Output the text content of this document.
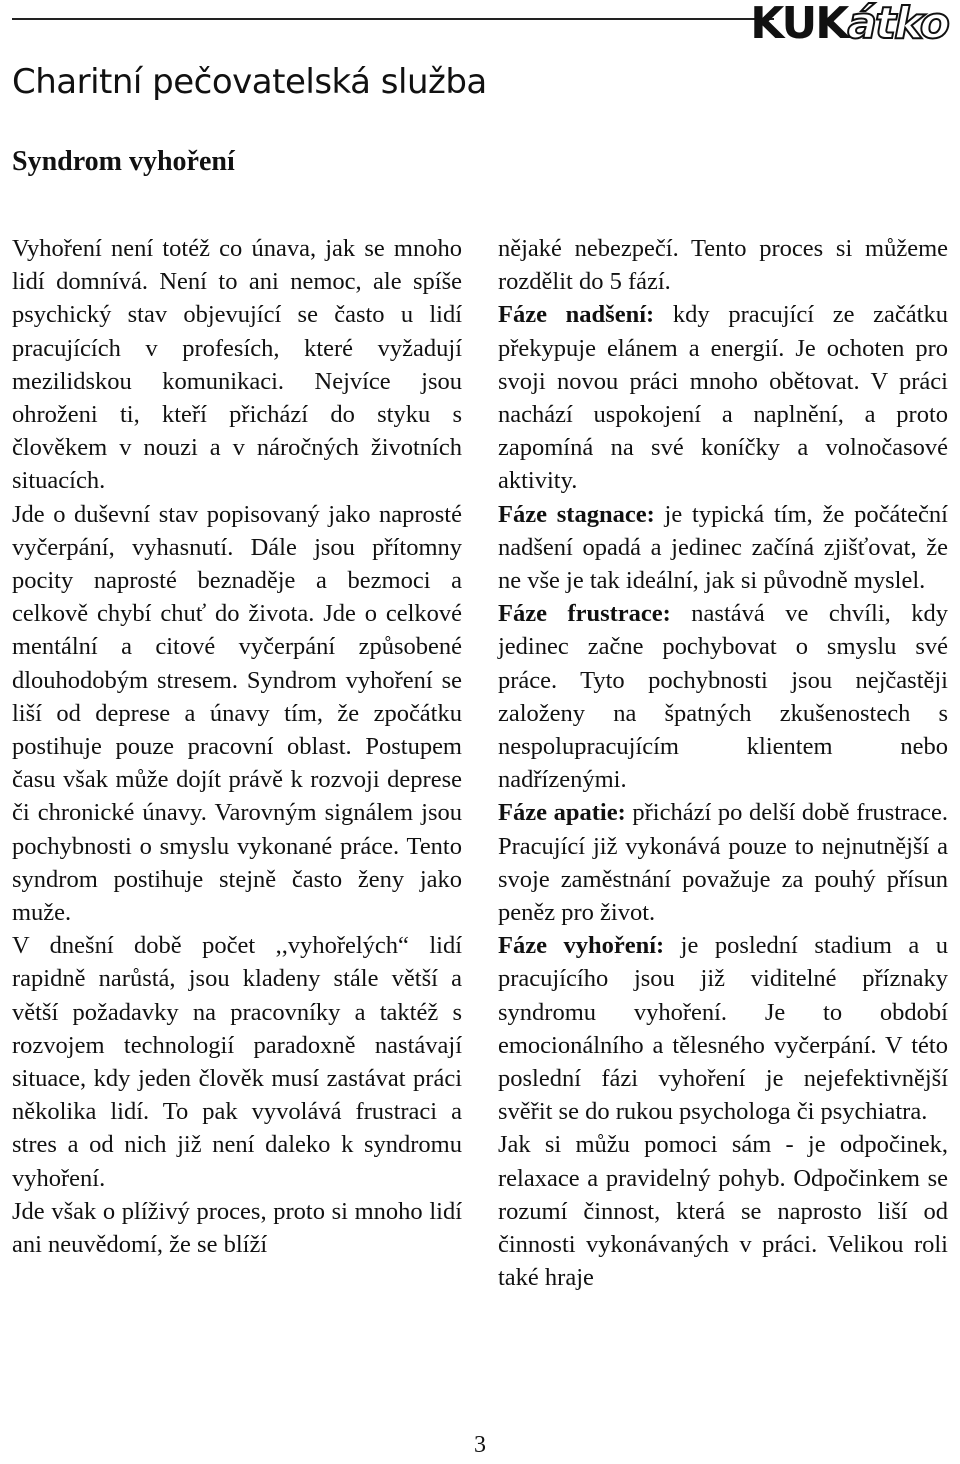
KUKátko
Charitní pečovatelská služba
Syndrom vyhoření

Vyhoření není totéž co únava, jak se mnoho lidí domnívá. Není to ani nemoc, ale spíše psychický stav objevující se často u lidí pracujících v profesích, které vyžadují mezilidskou komunikaci. Nejvíce jsou ohroženi ti, kteří přichází do styku s člověkem v nouzi a v náročných životních situacích.

Jde o duševní stav popisovaný jako naprosté vyčerpání, vyhasnutí. Dále jsou přítomny pocity naprosté beznaděje a bezmoci a celkově chybí chuť do života. Jde o celkové mentální a citové vyčerpání způsobené dlouhodobým stresem. Syndrom vyhoření se liší od deprese a únavy tím, že zpočátku postihuje pouze pracovní oblast. Postupem času však může dojít právě k rozvoji deprese či chronické únavy. Varovným signálem jsou pochybnosti o smyslu vykonané práce. Tento syndrom postihuje stejně často ženy jako muže.

V dnešní době počet ,,vyhořelých“ lidí rapidně narůstá, jsou kladeny stále větší a větší požadavky na pracovníky a taktéž s rozvojem technologií paradoxně nastávají situace, kdy jeden člověk musí zastávat práci několika lidí. To pak vyvolává frustraci a stres a od nich již není daleko k syndromu vyhoření.

Jde však o plíživý proces, proto si mnoho lidí ani neuvědomí, že se blíží

nějaké nebezpečí. Tento proces si můžeme rozdělit do 5 fází.

Fáze nadšení: kdy pracující ze začátku překypuje elánem a energií. Je ochoten pro svoji novou práci mnoho obětovat. V práci nachází uspokojení a naplnění, a proto zapomíná na své koníčky a volnočasové aktivity.

Fáze stagnace: je typická tím, že počáteční nadšení opadá a jedinec začíná zjišťovat, že ne vše je tak ideální, jak si původně myslel.

Fáze frustrace: nastává ve chvíli, kdy jedinec začne pochybovat o smyslu své práce. Tyto pochybnosti jsou nejčastěji založeny na špatných zkušenostech s nespolupracujícím klientem nebo nadřízenými.

Fáze apatie: přichází po delší době frustrace. Pracující již vykonává pouze to nejnutnější a svoje zaměstnání považuje za pouhý přísun peněz pro život.

Fáze vyhoření: je poslední stadium a u pracujícího jsou již viditelné příznaky syndromu vyhoření. Je to období emocionálního a tělesného vyčerpání. V této poslední fázi vyhoření je nejefektivnější svěřit se do rukou psychologa či psychiatra.

Jak si můžu pomoci sám - je odpočinek, relaxace a pravidelný pohyb. Odpočinkem se rozumí činnost, která se naprosto liší od činnosti vykonávaných v práci. Velikou roli také hraje

3
